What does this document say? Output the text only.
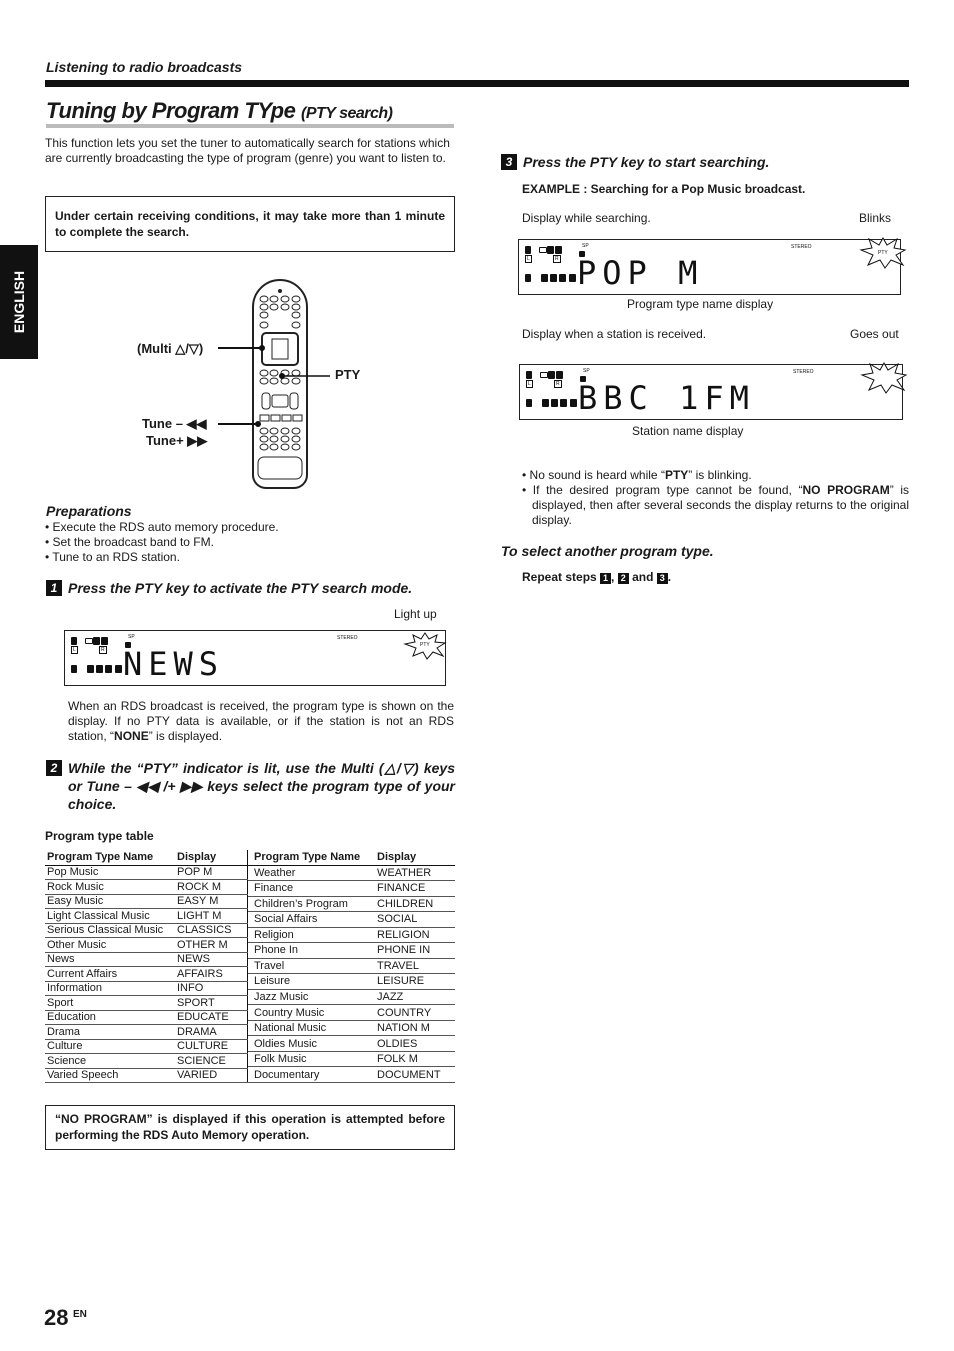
Listening to radio broadcasts
Tuning by Program TYpe (PTY search)
ENGLISH
This function lets you set the tuner to automatically search for stations which are currently broadcasting the type of program (genre) you want to listen to.
Under certain receiving conditions, it may take more than 1 minute to complete the search.
(Multi △/▽)
PTY
Tune – ◀◀
Tune+ ▶▶
Preparations
• Execute the RDS auto memory procedure.
• Set the broadcast band to FM.
• Tune to an RDS station.
1 Press the PTY key to activate the PTY search mode.
Light up
SP
L	R
STEREO
NEWS	PTY
When an RDS broadcast is received, the program type is shown on the display. If no PTY data is available, or if the station is not an RDS station, “NONE” is displayed.
2 While the “PTY” indicator is lit, use the Multi (△/▽) keys or Tune – ◀◀ /+ ▶▶ keys select the program type of your choice.
Program type table
Program Type Name	Display
Pop Music	POP M
Rock Music	ROCK M
Easy Music	EASY M
Light Classical Music	LIGHT M
Serious Classical Music	CLASSICS
Other Music	OTHER M
News	NEWS
Current Affairs	AFFAIRS
Information	INFO
Sport	SPORT
Education	EDUCATE
Drama	DRAMA
Culture	CULTURE
Science	SCIENCE
Varied Speech	VARIED
Program Type Name	Display
Weather	WEATHER
Finance	FINANCE
Children’s Program	CHILDREN
Social Affairs	SOCIAL
Religion	RELIGION
Phone In	PHONE IN
Travel	TRAVEL
Leisure	LEISURE
Jazz Music	JAZZ
Country Music	COUNTRY
National Music	NATION M
Oldies Music	OLDIES
Folk Music	FOLK M
Documentary	DOCUMENT
“NO PROGRAM” is displayed if this operation is attempted before performing the RDS Auto Memory operation.
3 Press the PTY key to start searching.
EXAMPLE : Searching for a Pop Music broadcast.
Display while searching.	Blinks
SP
L	R
STEREO
POP M
PTY
Program type name display
Display when a station is received.	Goes out
SP
L	R
STEREO
BBC 1FM
Station name display
• No sound is heard while “PTY” is blinking.
• If the desired program type cannot be found, “NO PROGRAM” is displayed, then after several seconds the display returns to the original display.
To select another program type.
Repeat steps 1 , 2 and 3 .
28 EN
